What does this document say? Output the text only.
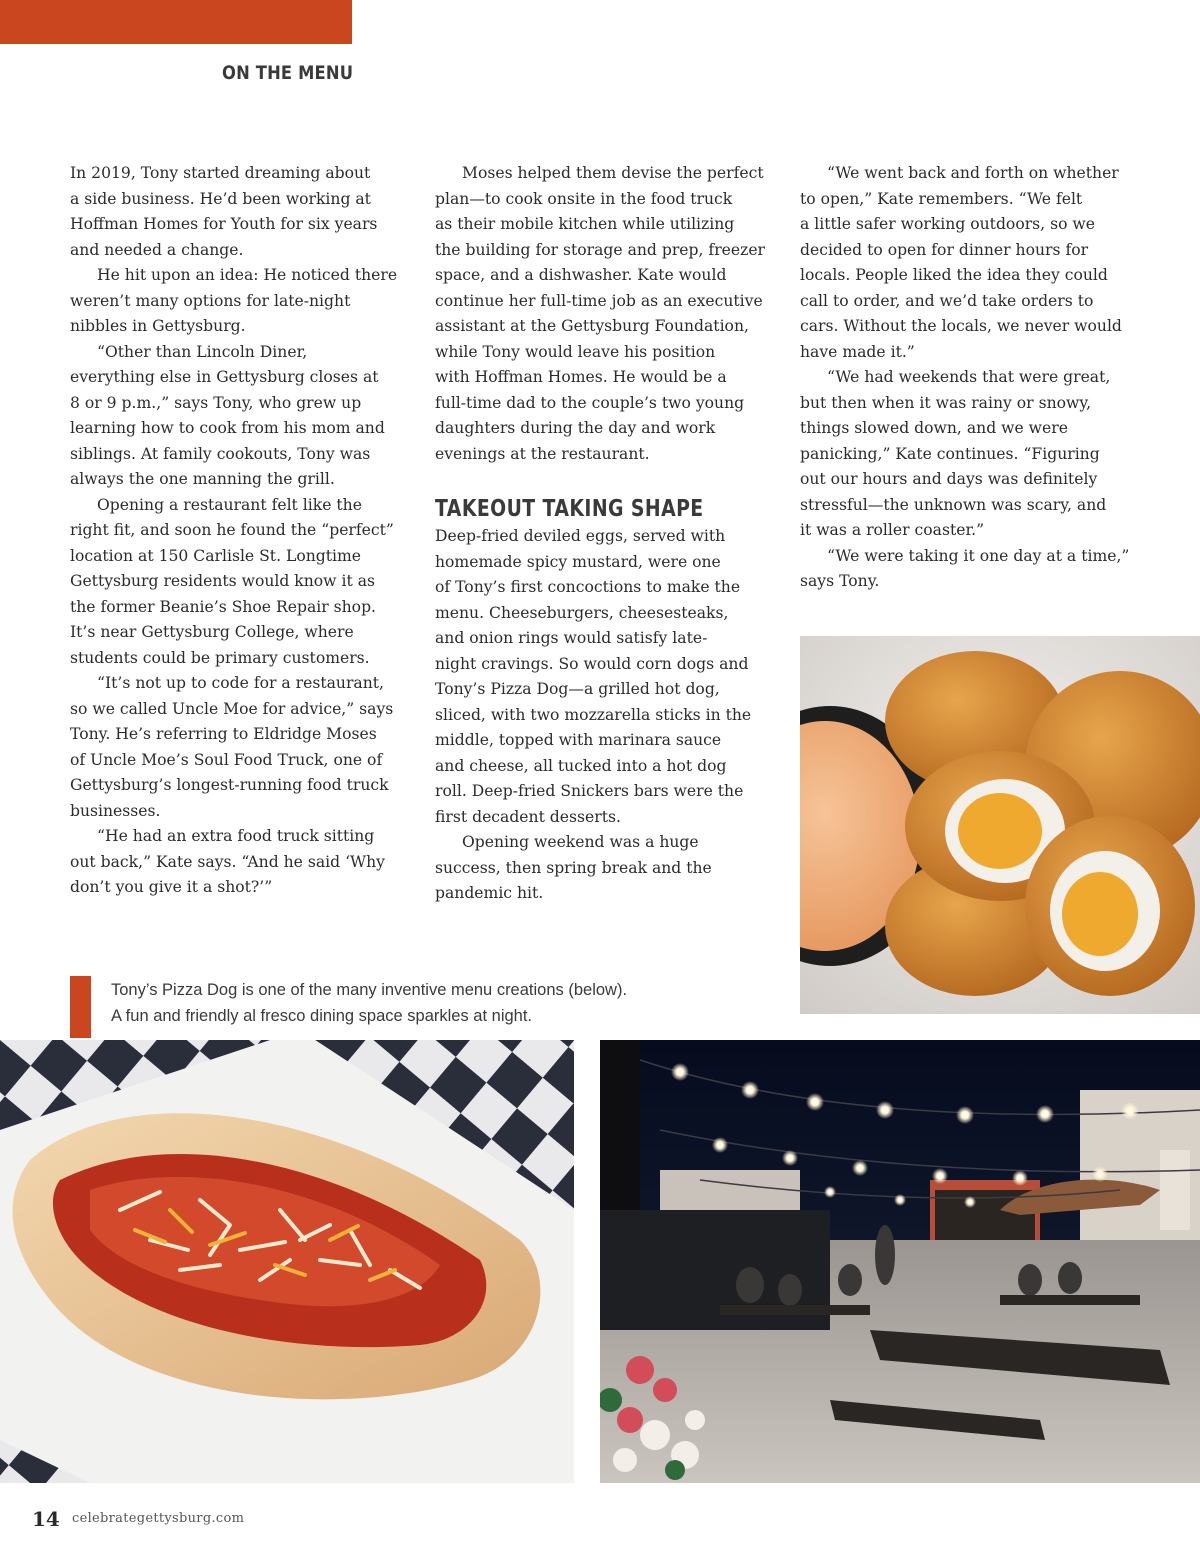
ON THE MENU

In 2019, Tony started dreaming about

a side business. He’d been working at

Hoffman Homes for Youth for six years

and needed a change.

He hit upon an idea: He noticed there

weren’t many options for late-night

nibbles in Gettysburg.

“Other than Lincoln Diner,

everything else in Gettysburg closes at

8 or 9 p.m.,” says Tony, who grew up

learning how to cook from his mom and

siblings. At family cookouts, Tony was

always the one manning the grill.

Opening a restaurant felt like the

right fit, and soon he found the “perfect”

location at 150 Carlisle St. Longtime

Gettysburg residents would know it as

the former Beanie’s Shoe Repair shop.

It’s near Gettysburg College, where

students could be primary customers.

“It’s not up to code for a restaurant,

so we called Uncle Moe for advice,” says

Tony. He’s referring to Eldridge Moses

of Uncle Moe’s Soul Food Truck, one of

Gettysburg’s longest-running food truck

businesses.

“He had an extra food truck sitting

out back,” Kate says. “And he said ‘Why

don’t you give it a shot?’”

Moses helped them devise the perfect

plan—to cook onsite in the food truck

as their mobile kitchen while utilizing

the building for storage and prep, freezer

space, and a dishwasher. Kate would

continue her full-time job as an executive

assistant at the Gettysburg Foundation,

while Tony would leave his position

with Hoffman Homes. He would be a

full-time dad to the couple’s two young

daughters during the day and work

evenings at the restaurant.

TAKEOUT TAKING SHAPE

Deep-fried deviled eggs, served with

homemade spicy mustard, were one

of Tony’s first concoctions to make the

menu. Cheeseburgers, cheesesteaks,

and onion rings would satisfy late-

night cravings. So would corn dogs and

Tony’s Pizza Dog—a grilled hot dog,

sliced, with two mozzarella sticks in the

middle, topped with marinara sauce

and cheese, all tucked into a hot dog

roll. Deep-fried Snickers bars were the

first decadent desserts.

Opening weekend was a huge

success, then spring break and the

pandemic hit.

“We went back and forth on whether

to open,” Kate remembers. “We felt

a little safer working outdoors, so we

decided to open for dinner hours for

locals. People liked the idea they could

call to order, and we’d take orders to

cars. Without the locals, we never would

have made it.”

“We had weekends that were great,

but then when it was rainy or snowy,

things slowed down, and we were

panicking,” Kate continues. “Figuring

out our hours and days was definitely

stressful—the unknown was scary, and

it was a roller coaster.”

“We were taking it one day at a time,”

says Tony.

Tony’s Pizza Dog is one of the many inventive menu creations (below).
A fun and friendly al fresco dining space sparkles at night.
14 celebrategettysburg.com
